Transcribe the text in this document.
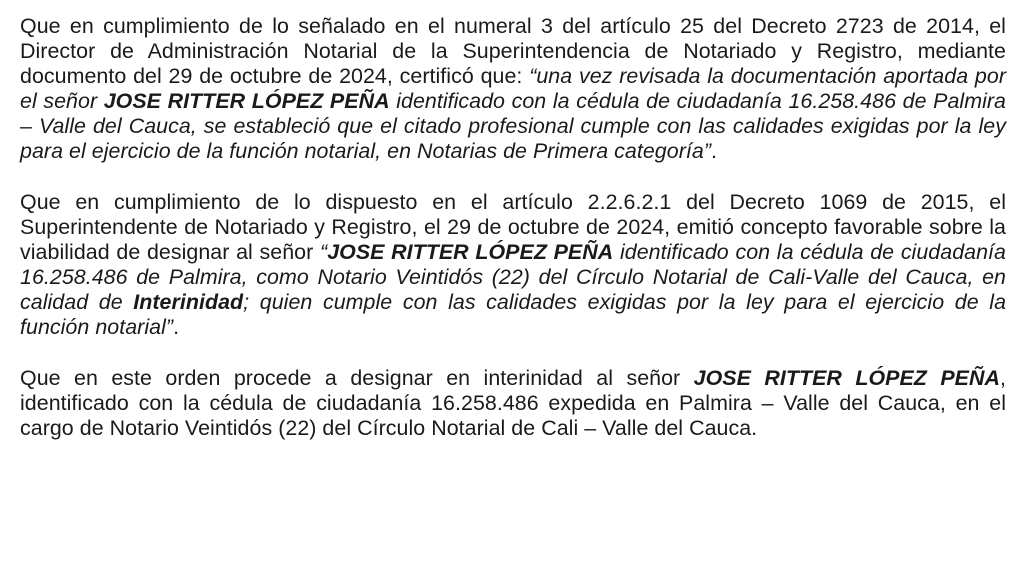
Que en cumplimiento de lo señalado en el numeral 3 del artículo 25 del Decreto 2723 de 2014, el Director de Administración Notarial de la Superintendencia de Notariado y Registro, mediante documento del 29 de octubre de 2024, certificó que: “una vez revisada la documentación aportada por el señor JOSE RITTER LÓPEZ PEÑA identificado con la cédula de ciudadanía 16.258.486 de Palmira – Valle del Cauca, se estableció que el citado profesional cumple con las calidades exigidas por la ley para el ejercicio de la función notarial, en Notarias de Primera categoría”.

Que en cumplimiento de lo dispuesto en el artículo 2.2.6.2.1 del Decreto 1069 de 2015, el Superintendente de Notariado y Registro, el 29 de octubre de 2024, emitió concepto favorable sobre la viabilidad de designar al señor “JOSE RITTER LÓPEZ PEÑA identificado con la cédula de ciudadanía 16.258.486 de Palmira, como Notario Veintidós (22) del Círculo Notarial de Cali-Valle del Cauca, en calidad de Interinidad; quien cumple con las calidades exigidas por la ley para el ejercicio de la función notarial”.

Que en este orden procede a designar en interinidad al señor JOSE RITTER LÓPEZ PEÑA, identificado con la cédula de ciudadanía 16.258.486 expedida en Palmira – Valle del Cauca, en el cargo de Notario Veintidós (22) del Círculo Notarial de Cali – Valle del Cauca.
